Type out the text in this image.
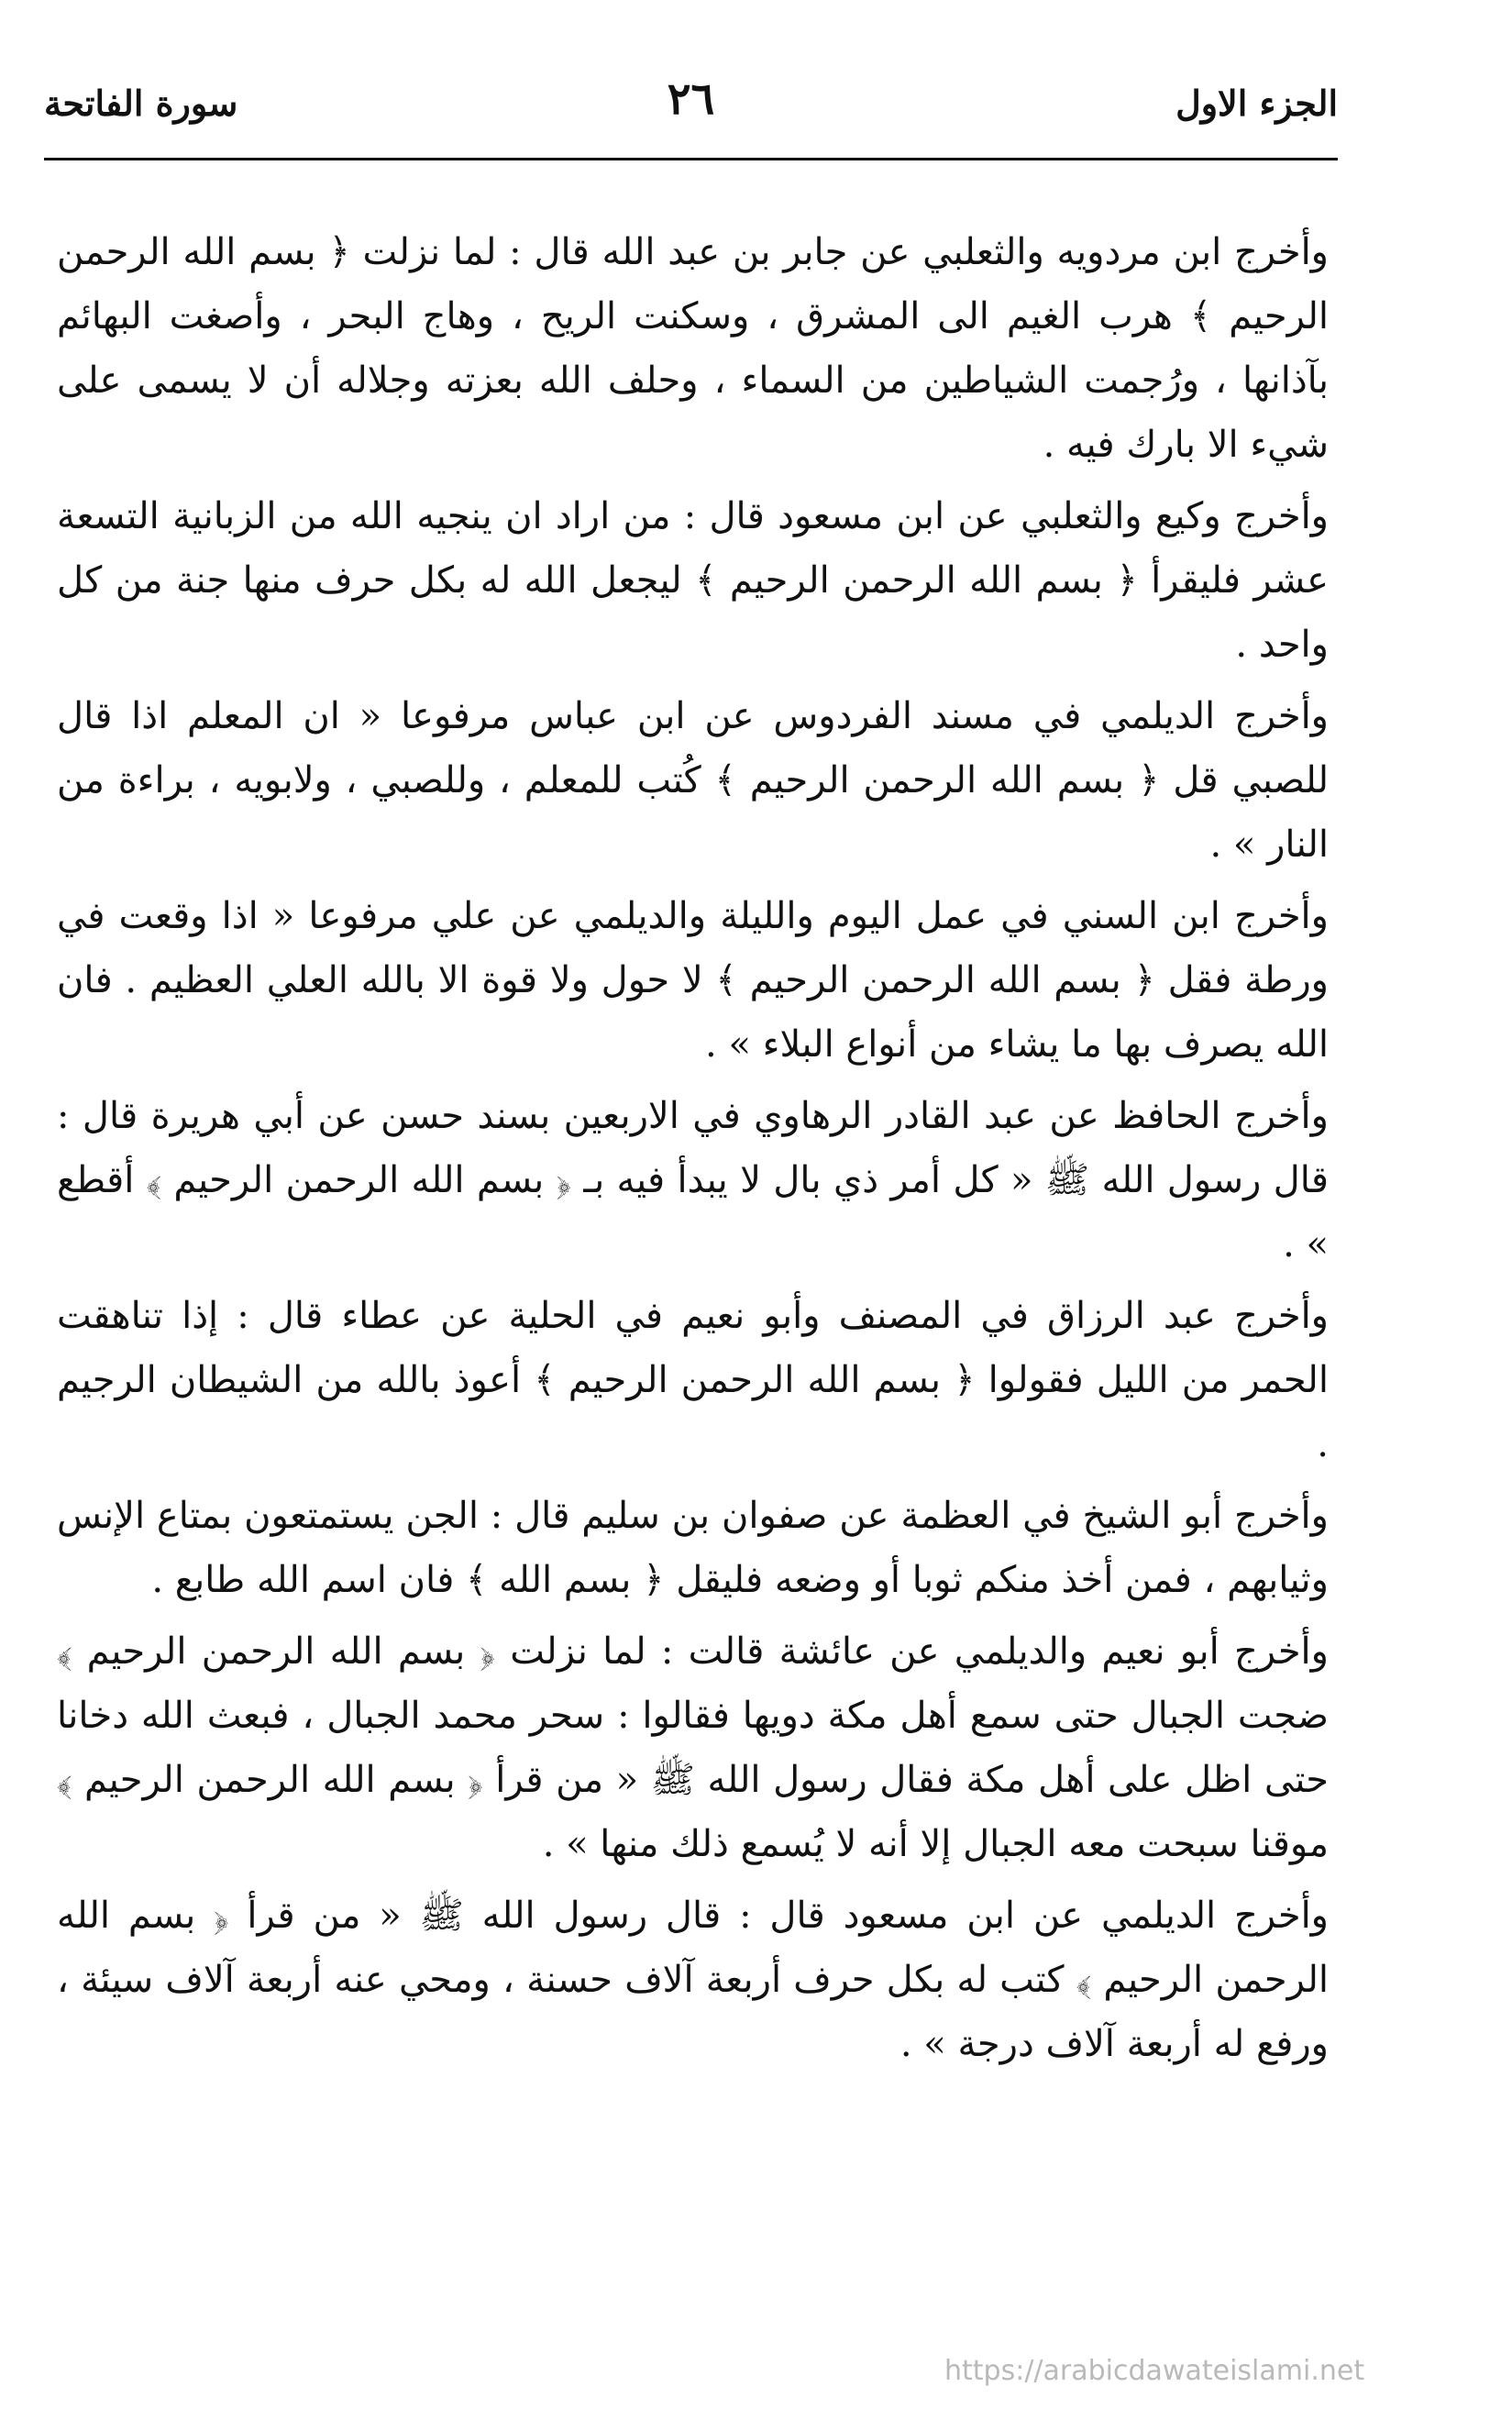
الجزء الاول
٢٦
سورة الفاتحة

وأخرج ابن مردويه والثعلبي عن جابر بن عبد الله قال : لما نزلت ﴿ بسم الله الرحمن الرحيم ﴾ هرب الغيم الى المشرق ، وسكنت الريح ، وهاج البحر ، وأصغت البهائم بآذانها ، ورُجمت الشياطين من السماء ، وحلف الله بعزته وجلاله أن لا يسمى على شيء الا بارك فيه .

وأخرج وكيع والثعلبي عن ابن مسعود قال : من اراد ان ينجيه الله من الزبانية التسعة عشر فليقرأ ﴿ بسم الله الرحمن الرحيم ﴾ ليجعل الله له بكل حرف منها جنة من كل واحد .

وأخرج الديلمي في مسند الفردوس عن ابن عباس مرفوعا « ان المعلم اذا قال للصبي قل ﴿ بسم الله الرحمن الرحيم ﴾ كُتب للمعلم ، وللصبي ، ولابويه ، براءة من النار » .

وأخرج ابن السني في عمل اليوم والليلة والديلمي عن علي مرفوعا « اذا وقعت في ورطة فقل ﴿ بسم الله الرحمن الرحيم ﴾ لا حول ولا قوة الا بالله العلي العظيم . فان الله يصرف بها ما يشاء من أنواع البلاء » .

وأخرج الحافظ عن عبد القادر الرهاوي في الاربعين بسند حسن عن أبي هريرة قال : قال رسول الله ﷺ « كل أمر ذي بال لا يبدأ فيه بـ ﴿ بسم الله الرحمن الرحيم ﴾ أقطع » .

وأخرج عبد الرزاق في المصنف وأبو نعيم في الحلية عن عطاء قال : إذا تناهقت الحمر من الليل فقولوا ﴿ بسم الله الرحمن الرحيم ﴾ أعوذ بالله من الشيطان الرجيم .

وأخرج أبو الشيخ في العظمة عن صفوان بن سليم قال : الجن يستمتعون بمتاع الإنس وثيابهم ، فمن أخذ منكم ثوبا أو وضعه فليقل ﴿ بسم الله ﴾ فان اسم الله طابع .

وأخرج أبو نعيم والديلمي عن عائشة قالت : لما نزلت ﴿ بسم الله الرحمن الرحيم ﴾ ضجت الجبال حتى سمع أهل مكة دويها فقالوا : سحر محمد الجبال ، فبعث الله دخانا حتى اظل على أهل مكة فقال رسول الله ﷺ « من قرأ ﴿ بسم الله الرحمن الرحيم ﴾ موقنا سبحت معه الجبال إلا أنه لا يُسمع ذلك منها » .

وأخرج الديلمي عن ابن مسعود قال : قال رسول الله ﷺ « من قرأ ﴿ بسم الله الرحمن الرحيم ﴾ كتب له بكل حرف أربعة آلاف حسنة ، ومحي عنه أربعة آلاف سيئة ، ورفع له أربعة آلاف درجة » .

https://arabicdawateislami.net
